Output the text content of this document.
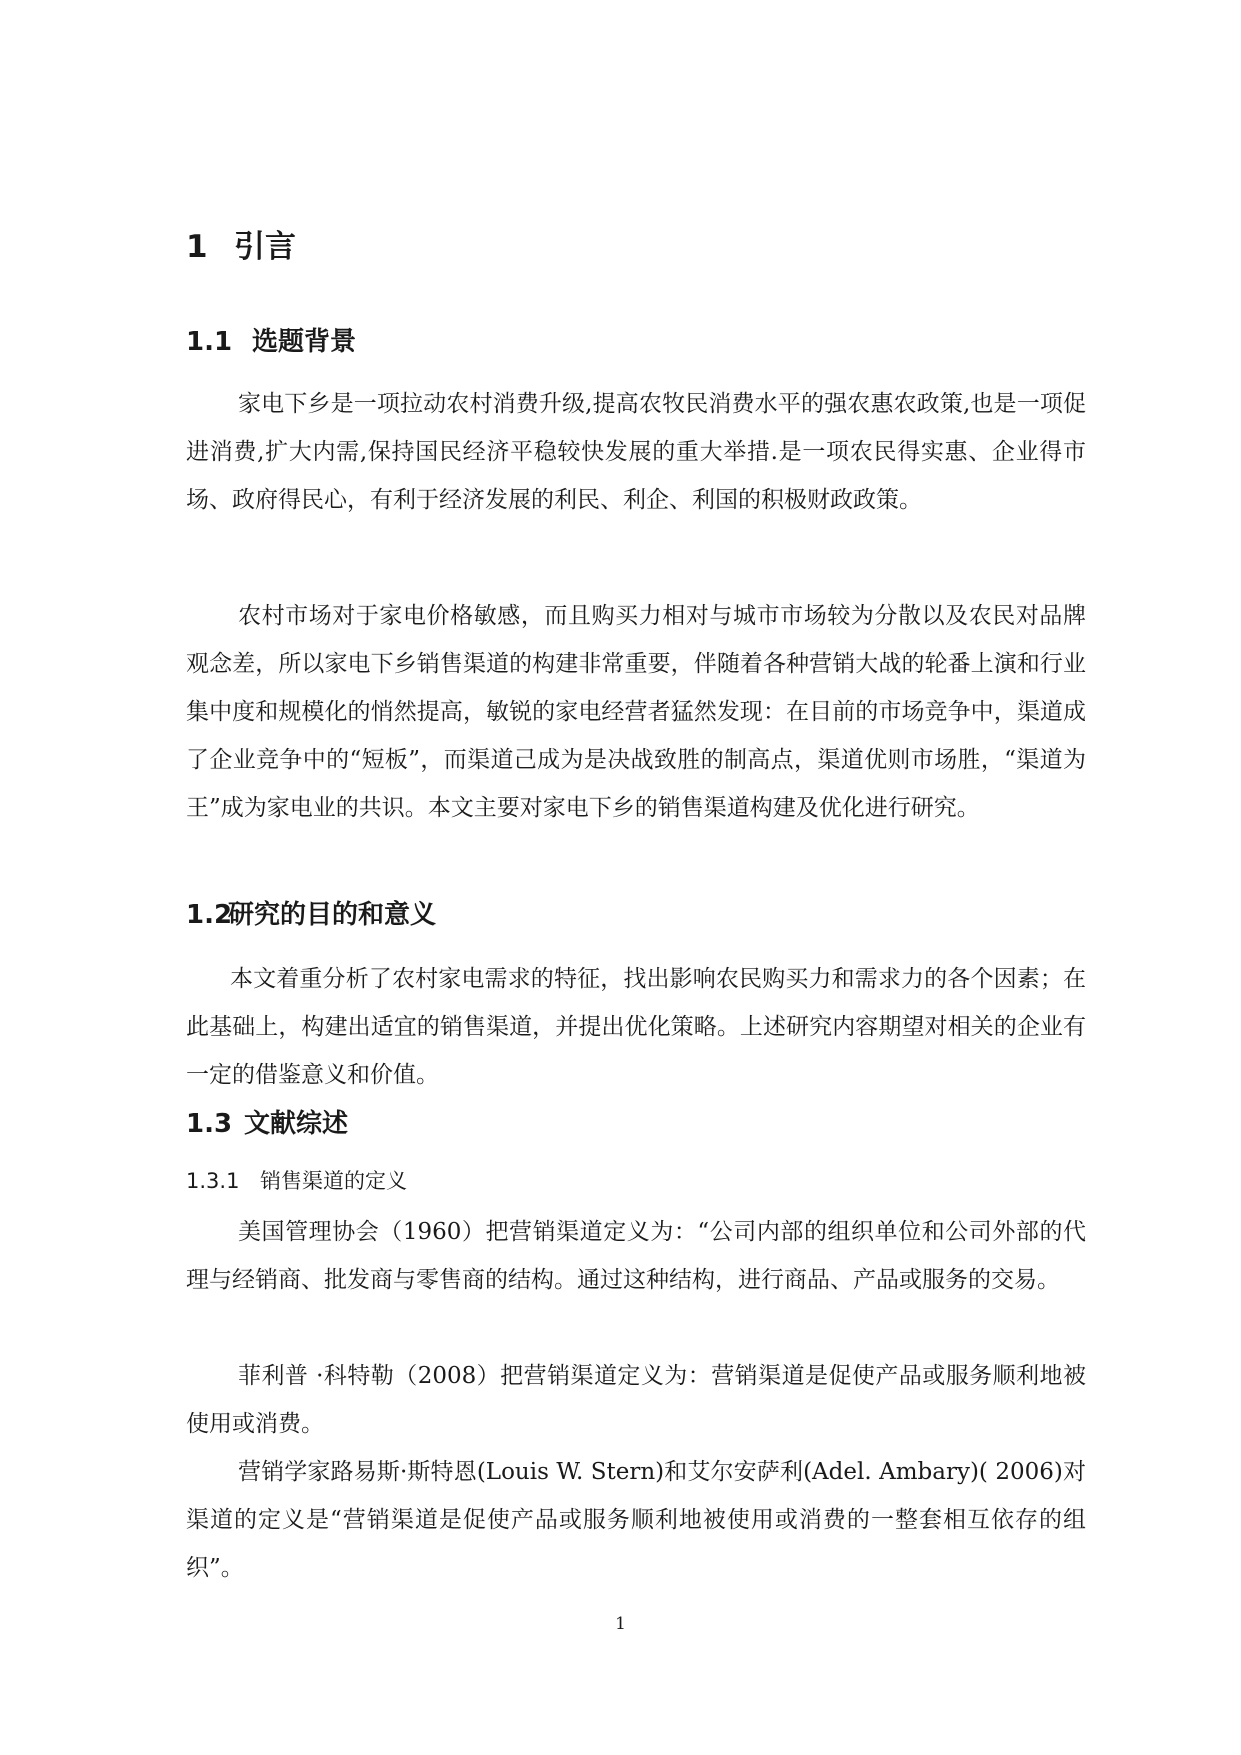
1 引言
1.1 选题背景

家电下乡是一项拉动农村消费升级,提高农牧民消费水平的强农惠农政策,也是一项促进消费,扩大内需,保持国民经济平稳较快发展的重大举措.是一项农民得实惠、企业得市场、政府得民心，有利于经济发展的利民、利企、利国的积极财政政策。

农村市场对于家电价格敏感，而且购买力相对与城市市场较为分散以及农民对品牌观念差，所以家电下乡销售渠道的构建非常重要，伴随着各种营销大战的轮番上演和行业集中度和规模化的悄然提高，敏锐的家电经营者猛然发现：在目前的市场竞争中，渠道成了企业竞争中的“短板”，而渠道己成为是决战致胜的制高点，渠道优则市场胜，“渠道为王”成为家电业的共识。本文主要对家电下乡的销售渠道构建及优化进行研究。

1.2研究的目的和意义

本文着重分析了农村家电需求的特征，找出影响农民购买力和需求力的各个因素；在此基础上，构建出适宜的销售渠道，并提出优化策略。上述研究内容期望对相关的企业有一定的借鉴意义和价值。

1.3 文献综述
1.3.1 销售渠道的定义

美国管理协会（1960）把营销渠道定义为：“公司内部的组织单位和公司外部的代理与经销商、批发商与零售商的结构。通过这种结构，进行商品、产品或服务的交易。

菲利普 ·科特勒（2008）把营销渠道定义为：营销渠道是促使产品或服务顺利地被使用或消费。

营销学家路易斯·斯特恩(Louis W. Stern)和艾尔安萨利(Adel. Ambary)( 2006)对渠道的定义是“营销渠道是促使产品或服务顺利地被使用或消费的一整套相互依存的组织”。

1
